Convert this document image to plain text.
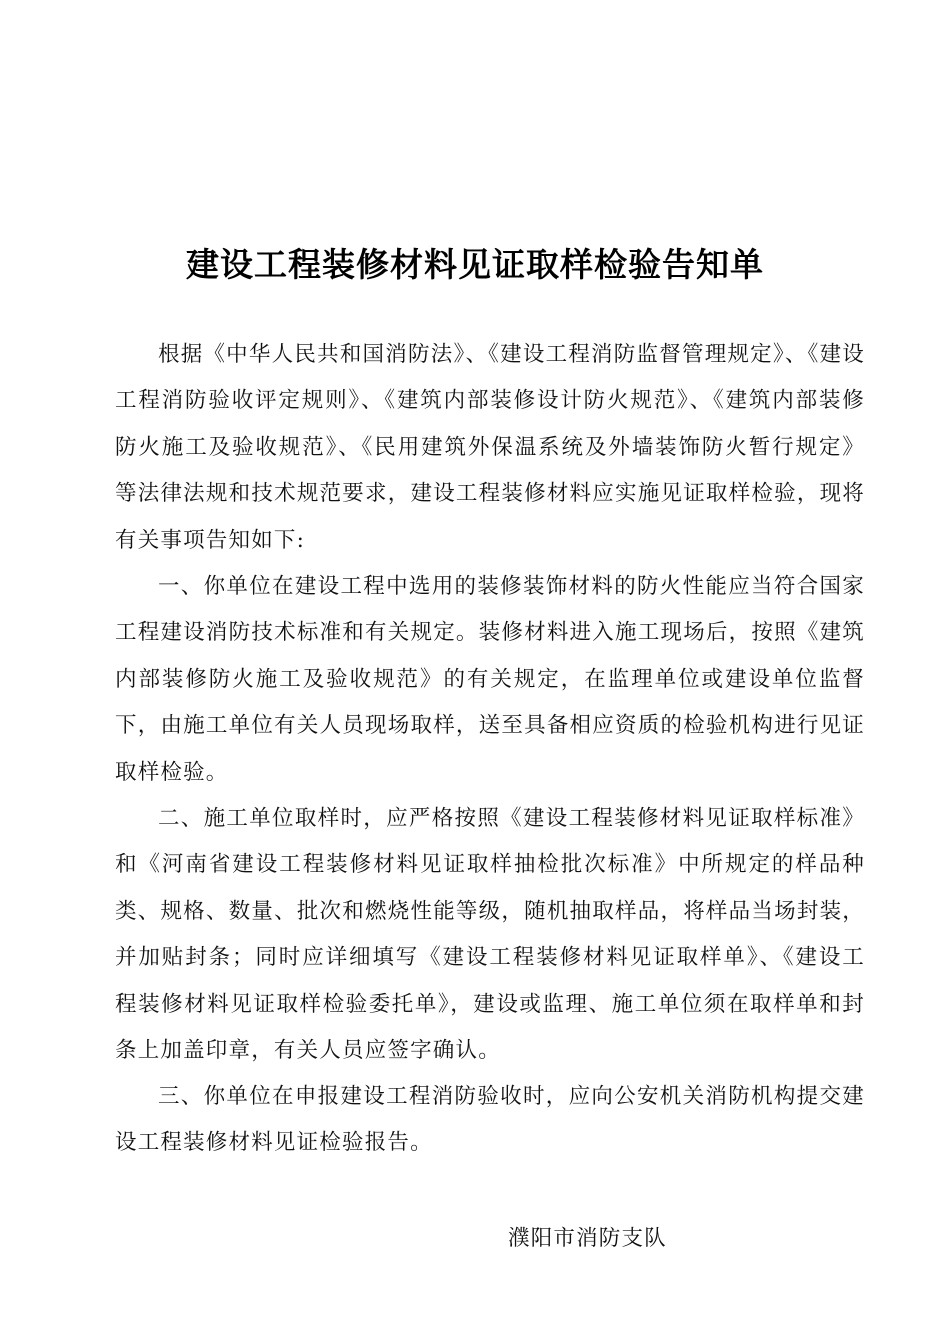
建设工程装修材料见证取样检验告知单

根据《中华人民共和国消防法》、《建设工程消防监督管理规定》、《建设工程消防验收评定规则》、《建筑内部装修设计防火规范》、《建筑内部装修防火施工及验收规范》、《民用建筑外保温系统及外墙装饰防火暂行规定》等法律法规和技术规范要求，建设工程装修材料应实施见证取样检验，现将有关事项告知如下:

一、你单位在建设工程中选用的装修装饰材料的防火性能应当符合国家工程建设消防技术标准和有关规定。装修材料进入施工现场后，按照《建筑内部装修防火施工及验收规范》的有关规定，在监理单位或建设单位监督下，由施工单位有关人员现场取样，送至具备相应资质的检验机构进行见证取样检验。

二、施工单位取样时，应严格按照《建设工程装修材料见证取样标准》和《河南省建设工程装修材料见证取样抽检批次标准》中所规定的样品种类、规格、数量、批次和燃烧性能等级，随机抽取样品，将样品当场封装，并加贴封条；同时应详细填写《建设工程装修材料见证取样单》、《建设工程装修材料见证取样检验委托单》，建设或监理、施工单位须在取样单和封条上加盖印章，有关人员应签字确认。

三、你单位在申报建设工程消防验收时，应向公安机关消防机构提交建设工程装修材料见证检验报告。

濮阳市消防支队
